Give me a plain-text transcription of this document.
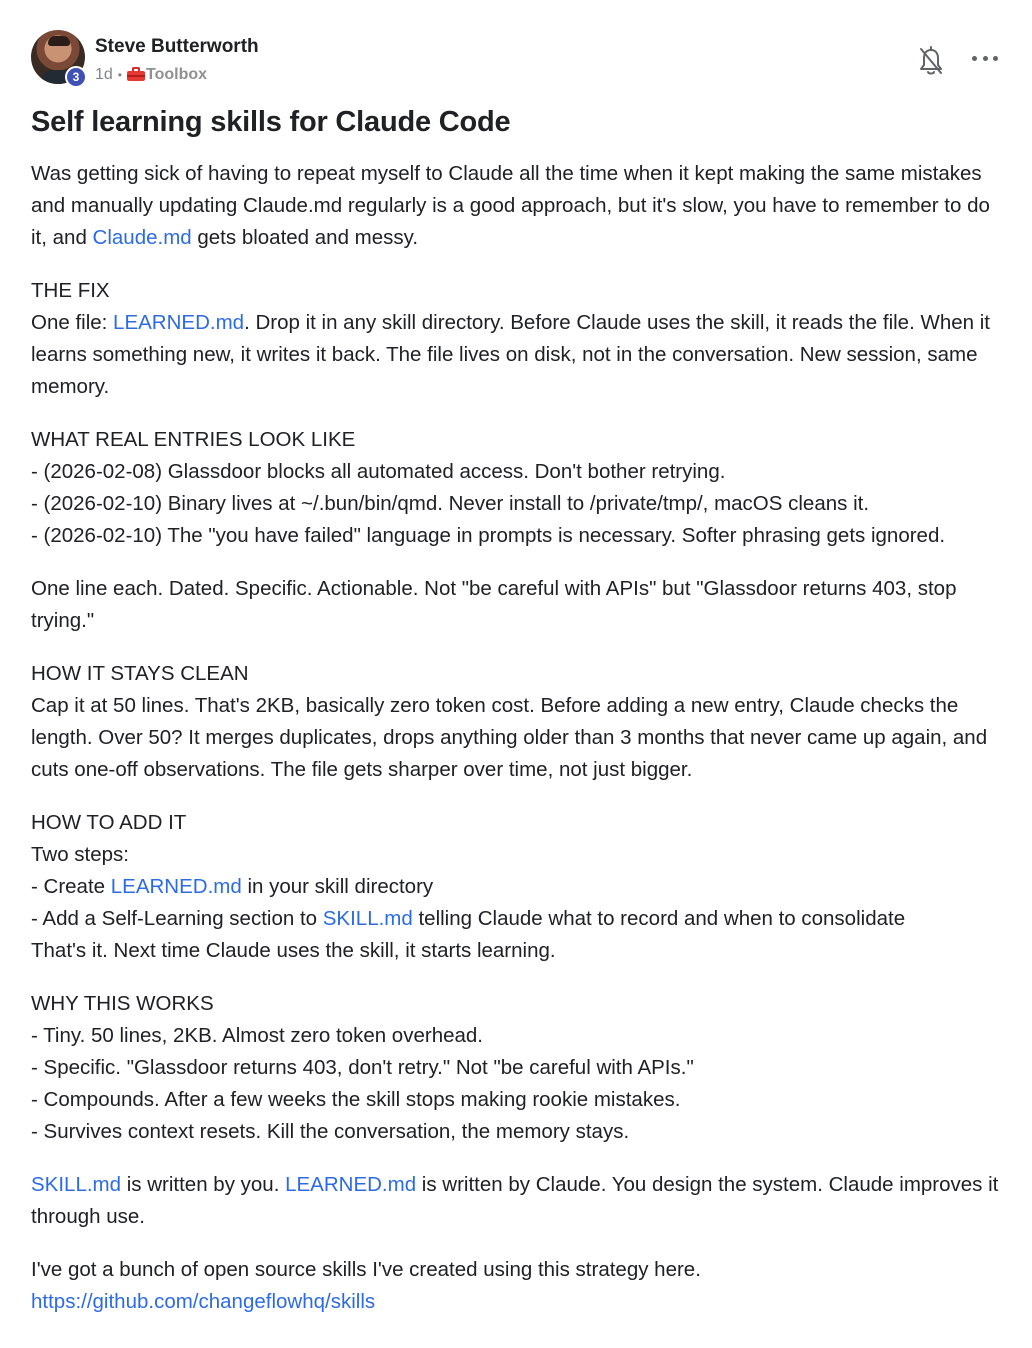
3
Steve Butterworth
1d • Toolbox
Self learning skills for Claude Code

Was getting sick of having to repeat myself to Claude all the time when it kept making the same mistakes and manually updating Claude.md regularly is a good approach, but it's slow, you have to remember to do it, and Claude.md gets bloated and messy.

THE FIX
One file: LEARNED.md. Drop it in any skill directory. Before Claude uses the skill, it reads the file. When it learns something new, it writes it back. The file lives on disk, not in the conversation. New session, same memory.

WHAT REAL ENTRIES LOOK LIKE
- (2026-02-08) Glassdoor blocks all automated access. Don't bother retrying.
- (2026-02-10) Binary lives at ~/.bun/bin/qmd. Never install to /private/tmp/, macOS cleans it.
- (2026-02-10) The "you have failed" language in prompts is necessary. Softer phrasing gets ignored.

One line each. Dated. Specific. Actionable. Not "be careful with APIs" but "Glassdoor returns 403, stop trying."

HOW IT STAYS CLEAN
Cap it at 50 lines. That's 2KB, basically zero token cost. Before adding a new entry, Claude checks the length. Over 50? It merges duplicates, drops anything older than 3 months that never came up again, and cuts one-off observations. The file gets sharper over time, not just bigger.

HOW TO ADD IT
Two steps:
- Create LEARNED.md in your skill directory
- Add a Self-Learning section to SKILL.md telling Claude what to record and when to consolidate
That's it. Next time Claude uses the skill, it starts learning.

WHY THIS WORKS
- Tiny. 50 lines, 2KB. Almost zero token overhead.
- Specific. "Glassdoor returns 403, don't retry." Not "be careful with APIs."
- Compounds. After a few weeks the skill stops making rookie mistakes.
- Survives context resets. Kill the conversation, the memory stays.

SKILL.md is written by you. LEARNED.md is written by Claude. You design the system. Claude improves it through use.

I've got a bunch of open source skills I've created using this strategy here.
https://github.com/changeflowhq/skills
